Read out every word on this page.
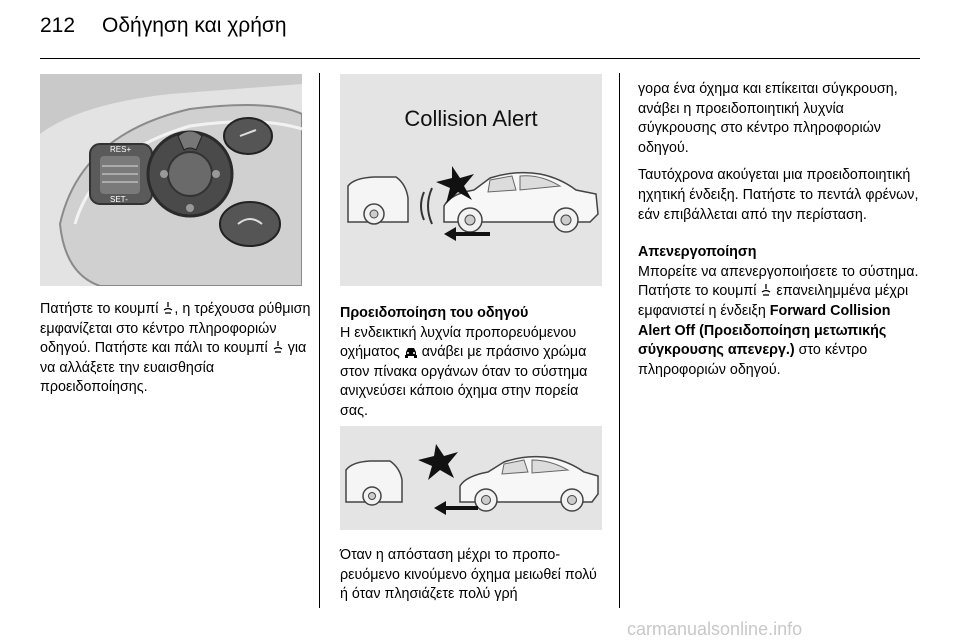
212 Οδήγηση και χρήση
RES+
SET-
Collision Alert

Πατήστε το κουμπί , η τρέχουσα ρύθμιση εμφανίζεται στο κέντρο πληροφοριών οδηγού. Πατήστε και πάλι το κουμπί για να αλλάξετε την ευαισθησία προειδοποίησης.

Προειδοποίηση του οδηγού

Η ενδεικτική λυχνία προπορευόμενου οχήματος ανάβει με πράσινο χρώμα στον πίνακα οργάνων όταν το σύστημα ανιχνεύσει κάποιο όχημα στην πορεία σας.

Όταν η απόσταση μέχρι το προπορευόμενο κινούμενο όχημα μειωθεί πολύ ή όταν πλησιάζετε πολύ γρή

γορα ένα όχημα και επίκειται σύγκρουση, ανάβει η προειδοποιητική λυχνία σύγκρουσης στο κέντρο πληροφοριών οδηγού.

Ταυτόχρονα ακούγεται μια προειδοποιητική ηχητική ένδειξη. Πατήστε το πεντάλ φρένων, εάν επιβάλλεται από την περίσταση.

Απενεργοποίηση

Μπορείτε να απενεργοποιήσετε το σύστημα. Πατήστε το κουμπί επανειλημμένα μέχρι εμφανιστεί η ένδειξη Forward Collision Alert Off (Προειδοποίηση μετωπικής σύγκρουσης απενεργ.) στο κέντρο πληροφοριών οδηγού.

carmanualsonline.info
